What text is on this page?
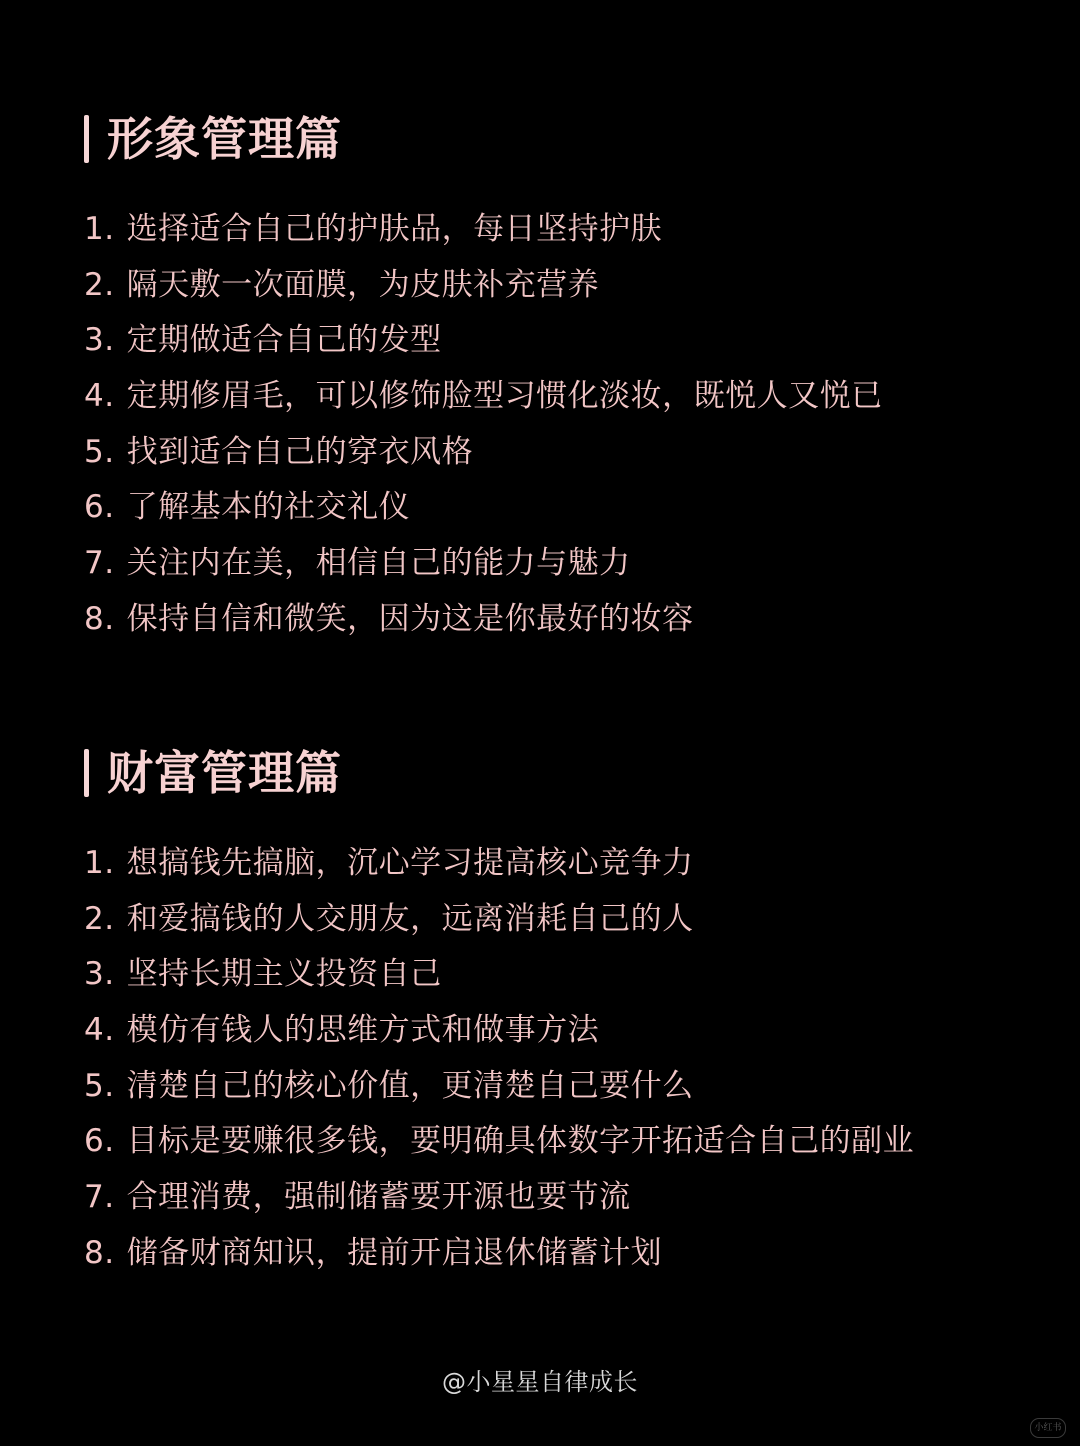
形象管理篇
1. 选择适合自己的护肤品，每日坚持护肤
2. 隔天敷一次面膜，为皮肤补充营养
3. 定期做适合自己的发型
4. 定期修眉毛，可以修饰脸型习惯化淡妆，既悦人又悦已
5. 找到适合自己的穿衣风格
6. 了解基本的社交礼仪
7. 关注内在美，相信自己的能力与魅力
8. 保持自信和微笑，因为这是你最好的妆容
财富管理篇
1. 想搞钱先搞脑，沉心学习提高核心竞争力
2. 和爱搞钱的人交朋友，远离消耗自己的人
3. 坚持长期主义投资自己
4. 模仿有钱人的思维方式和做事方法
5. 清楚自己的核心价值，更清楚自己要什么
6. 目标是要赚很多钱，要明确具体数字开拓适合自己的副业
7. 合理消费，强制储蓄要开源也要节流
8. 储备财商知识，提前开启退休储蓄计划
@小星星自律成长
小红书
